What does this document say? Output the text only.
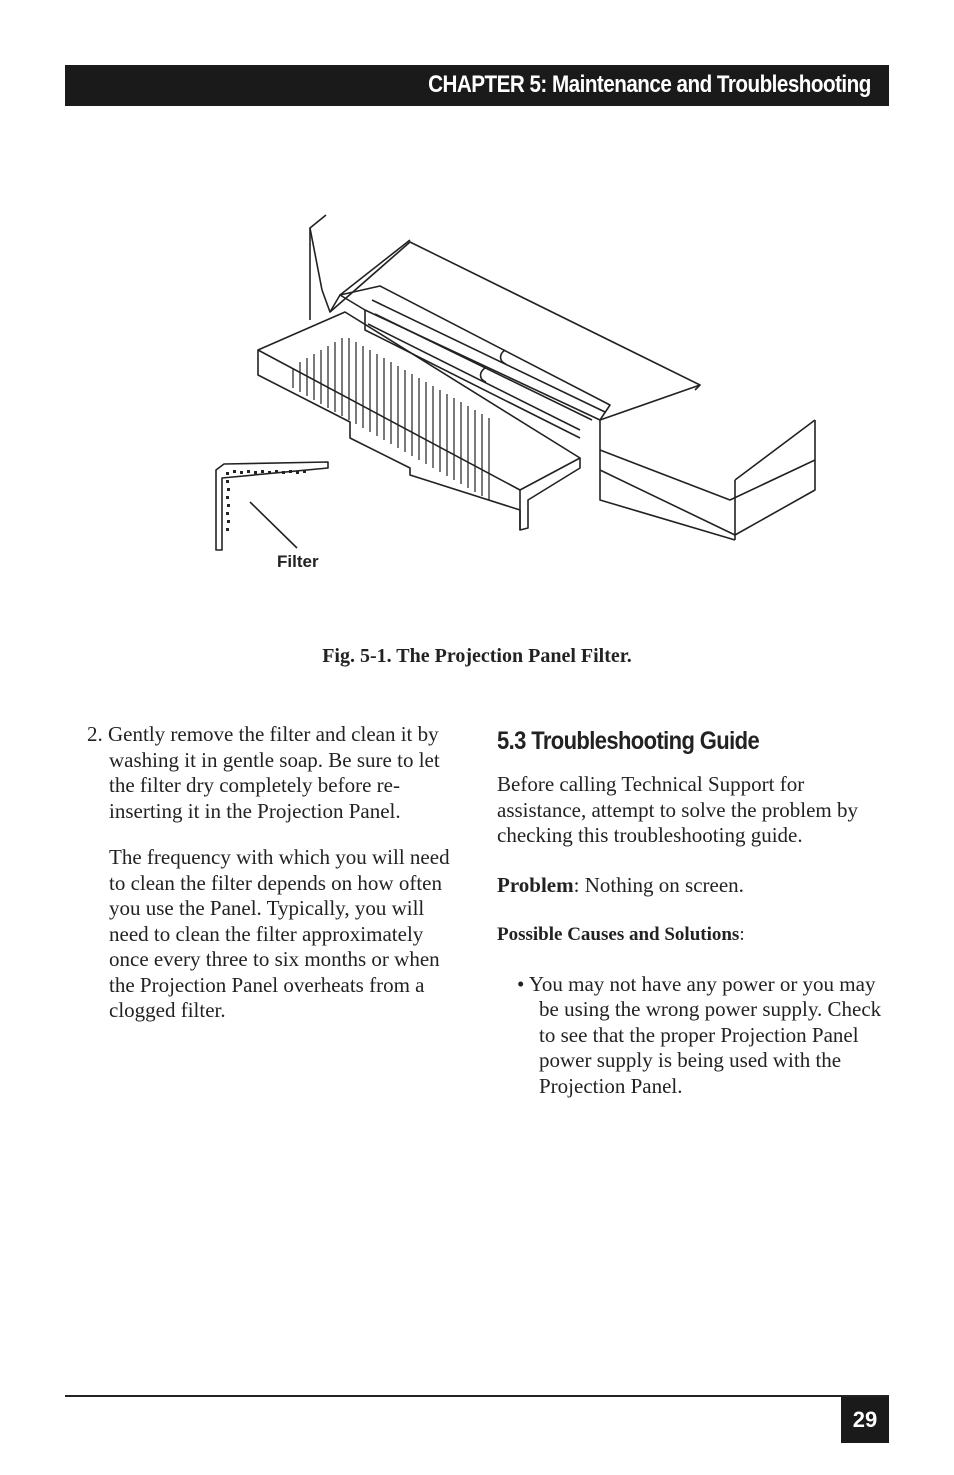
CHAPTER 5: Maintenance and Troubleshooting
Filter
Fig. 5-1. The Projection Panel Filter.

2. Gently remove the filter and clean it by washing it in gentle soap. Be sure to let the filter dry completely before re-inserting it in the Projection Panel.

The frequency with which you will need to clean the filter depends on how often you use the Panel. Typically, you will need to clean the filter approximately once every three to six months or when the Projection Panel overheats from a clogged filter.

5.3 Troubleshooting Guide

Before calling Technical Support for assistance, attempt to solve the problem by checking this troubleshooting guide.

Problem: Nothing on screen.

Possible Causes and Solutions:

• You may not have any power or you may be using the wrong power supply. Check to see that the proper Projection Panel power supply is being used with the Projection Panel.

29
